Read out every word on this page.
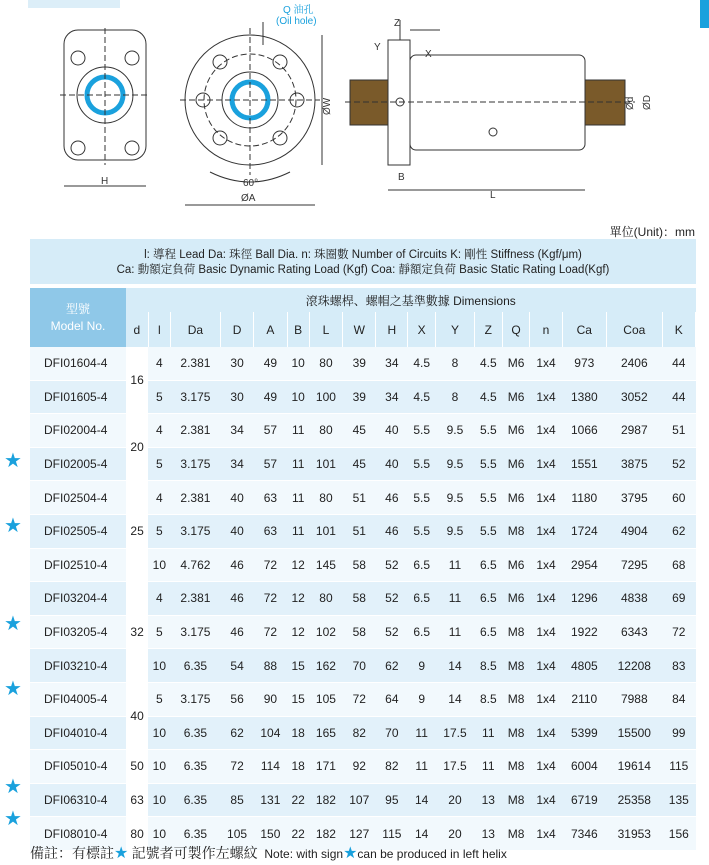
H
Q 油孔
(Oil hole)
60°
ØA
ØW
Z
Y
X
B
L
Ød ØD
單位(Unit)：mm
l: 導程 Lead Da: 珠徑 Ball Dia. n: 珠圈數 Number of Circuits K: 剛性 Stiffness (Kgf/μm)
Ca: 動額定負荷 Basic Dynamic Rating Load (Kgf) Coa: 靜額定負荷 Basic Static Rating Load(Kgf)
型號
Model No.	滾珠螺桿、螺帽之基準數據 Dimensions																
	d	l	Da	D	A	B	L	W	H	X	Y	Z	Q	n	Ca	Coa	K
DFI01604-4	16	4	2.381	30	49	10	80	39	34	4.5	8	4.5	M6	1x4	973	2406	44
DFI01605-4		5	3.175	30	49	10	100	39	34	4.5	8	4.5	M6	1x4	1380	3052	44
DFI02004-4	20	4	2.381	34	57	11	80	45	40	5.5	9.5	5.5	M6	1x4	1066	2987	51
DFI02005-4		5	3.175	34	57	11	101	45	40	5.5	9.5	5.5	M6	1x4	1551	3875	52
DFI02504-4	25	4	2.381	40	63	11	80	51	46	5.5	9.5	5.5	M6	1x4	1180	3795	60
DFI02505-4		5	3.175	40	63	11	101	51	46	5.5	9.5	5.5	M8	1x4	1724	4904	62
DFI02510-4		10	4.762	46	72	12	145	58	52	6.5	11	6.5	M6	1x4	2954	7295	68
DFI03204-4	32	4	2.381	46	72	12	80	58	52	6.5	11	6.5	M6	1x4	1296	4838	69
DFI03205-4		5	3.175	46	72	12	102	58	52	6.5	11	6.5	M8	1x4	1922	6343	72
DFI03210-4		10	6.35	54	88	15	162	70	62	9	14	8.5	M8	1x4	4805	12208	83
DFI04005-4	40	5	3.175	56	90	15	105	72	64	9	14	8.5	M8	1x4	2110	7988	84
DFI04010-4		10	6.35	62	104	18	165	82	70	11	17.5	11	M8	1x4	5399	15500	99
DFI05010-4	50	10	6.35	72	114	18	171	92	82	11	17.5	11	M8	1x4	6004	19614	115
DFI06310-4	63	10	6.35	85	131	22	182	107	95	14	20	13	M8	1x4	6719	25358	135
DFI08010-4	80	10	6.35	105	150	22	182	127	115	14	20	13	M8	1x4	7346	31953	156
★
★
★
★
★
★
備註：有標註★ 記號者可製作左螺紋 Note: with sign★can be produced in left helix
